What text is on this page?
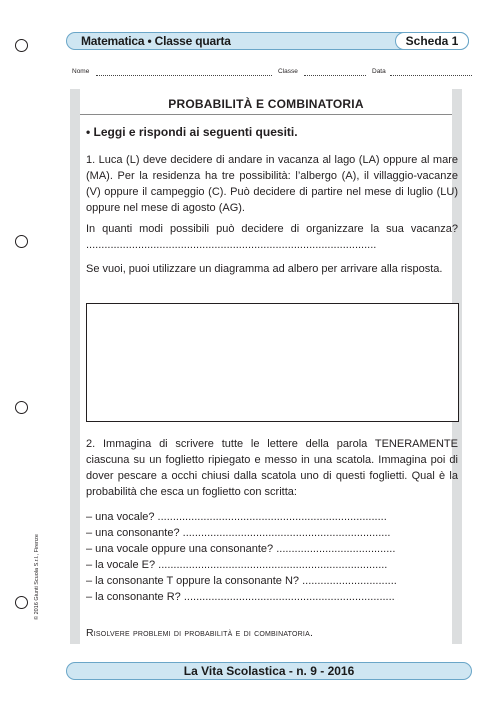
Matematica • Classe quarta	Scheda 1
Nome	Classe	Data
PROBABILITÀ E COMBINATORIA
• Leggi e rispondi ai seguenti quesiti.
1. Luca (L) deve decidere di andare in vacanza al lago (LA) oppure al mare (MA). Per la residenza ha tre possibilità: l’albergo (A), il villaggio-vacanze (V) oppure il campeggio (C). Può decidere di partire nel mese di luglio (LU) oppure nel mese di agosto (AG).
In quanti modi possibili può decidere di organizzare la sua vacanza? ...............................................................................................
Se vuoi, puoi utilizzare un diagramma ad albero per arrivare alla risposta.
2. Immagina di scrivere tutte le lettere della parola TENERAMENTE ciascuna su un foglietto ripiegato e messo in una scatola. Immagina poi di dover pescare a occhi chiusi dalla scatola uno di questi foglietti. Qual è la probabilità che esca un foglietto con scritta:
– una vocale? ...........................................................................
– una consonante? ....................................................................
– una vocale oppure una consonante? .......................................
– la vocale E? ...........................................................................
– la consonante T oppure la consonante N? ...............................
– la consonante R? .....................................................................
Risolvere problemi di probabilità e di combinatoria.
© 2016 Giunti Scuola S.r.l., Firenze
La Vita Scolastica - n. 9 - 2016
